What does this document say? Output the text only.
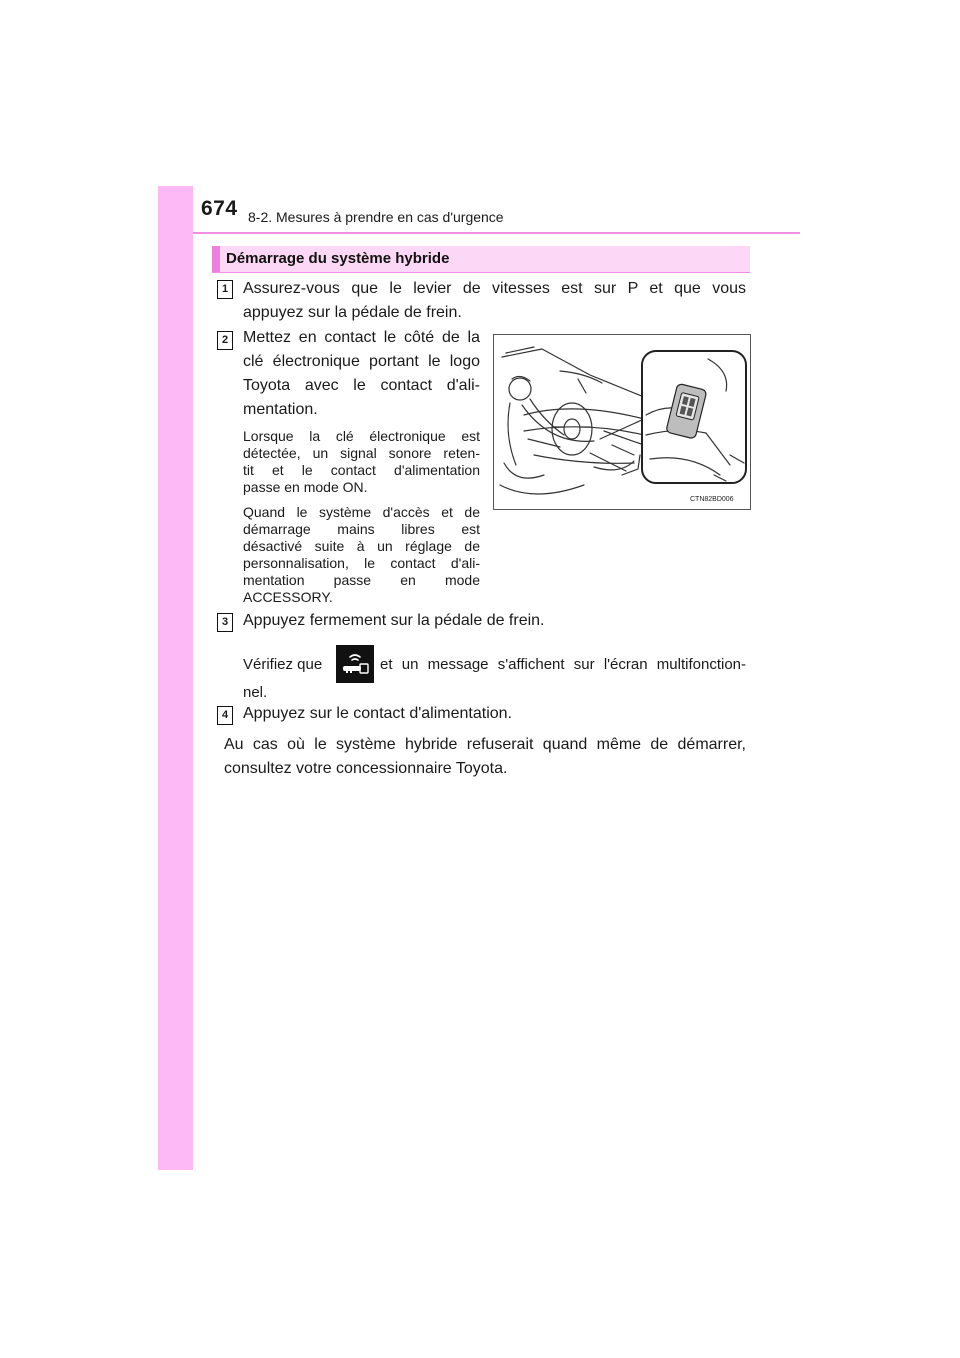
674 8-2. Mesures à prendre en cas d'urgence
Démarrage du système hybride
1 Assurez-vous que le levier de vitesses est sur P et que vous
appuyez sur la pédale de frein.
2 Mettez en contact le côté de la
clé électronique portant le logo
Toyota avec le contact d'ali-
mentation.
Lorsque la clé électronique est
détectée, un signal sonore reten-
tit et le contact d'alimentation
passe en mode ON.
Quand le système d'accès et de
démarrage mains libres est
désactivé suite à un réglage de
personnalisation, le contact d'ali-
mentation passe en mode
ACCESSORY.
CTN82BD006
3 Appuyez fermement sur la pédale de frein.
Vérifiez que	et un message s'affichent sur l'écran multifonction-
nel.
4 Appuyez sur le contact d'alimentation.
Au cas où le système hybride refuserait quand même de démarrer,
consultez votre concessionnaire Toyota.
